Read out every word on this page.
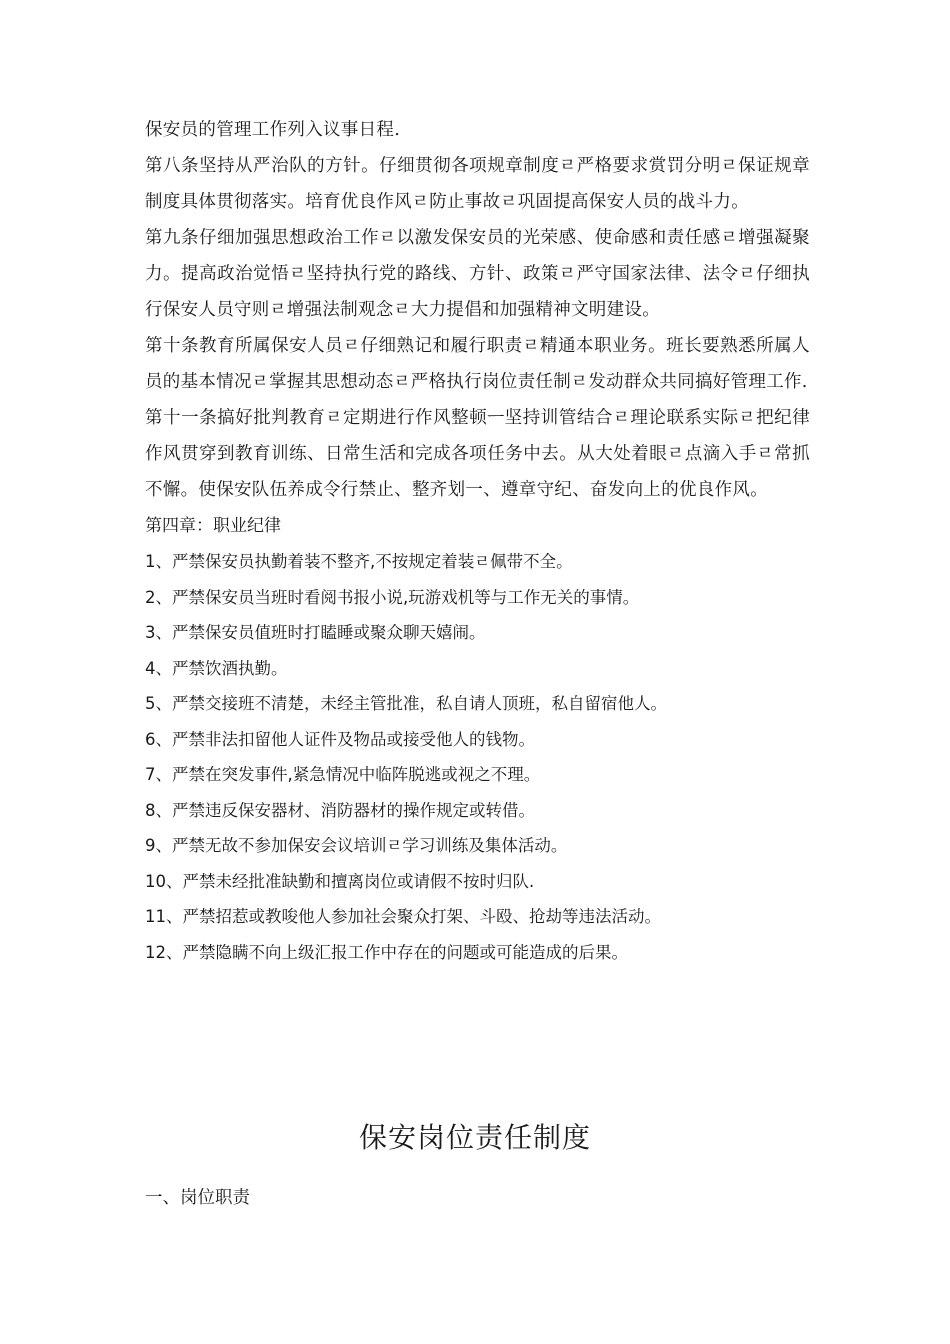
保安员的管理工作列入议事日程.

第八条坚持从严治队的方针。仔细贯彻各项规章制度ㄹ严格要求赏罚分明ㄹ保证规章制度具体贯彻落实。培育优良作风ㄹ防止事故ㄹ巩固提高保安人员的战斗力。

第九条仔细加强思想政治工作ㄹ以激发保安员的光荣感、使命感和责任感ㄹ增强凝聚力。提高政治觉悟ㄹ坚持执行党的路线、方针、政策ㄹ严守国家法律、法令ㄹ仔细执行保安人员守则ㄹ增强法制观念ㄹ大力提倡和加强精神文明建设。

第十条教育所属保安人员ㄹ仔细熟记和履行职责ㄹ精通本职业务。班长要熟悉所属人员的基本情况ㄹ掌握其思想动态ㄹ严格执行岗位责任制ㄹ发动群众共同搞好管理工作.

第十一条搞好批判教育ㄹ定期进行作风整顿ㅡ坚持训管结合ㄹ理论联系实际ㄹ把纪律作风贯穿到教育训练、日常生活和完成各项任务中去。从大处着眼ㄹ点滴入手ㄹ常抓不懈。使保安队伍养成令行禁止、整齐划一、遵章守纪、奋发向上的优良作风。

第四章：职业纪律

1、严禁保安员执勤着装不整齐,不按规定着装ㄹ佩带不全。
2、严禁保安员当班时看阅书报小说,玩游戏机等与工作无关的事情。
3、严禁保安员值班时打瞌睡或聚众聊天嬉闹。
4、严禁饮酒执勤。
5、严禁交接班不清楚，未经主管批准，私自请人顶班，私自留宿他人。
6、严禁非法扣留他人证件及物品或接受他人的钱物。
7、严禁在突发事件,紧急情况中临阵脱逃或视之不理。
8、严禁违反保安器材、消防器材的操作规定或转借。
9、严禁无故不参加保安会议培训ㄹ学习训练及集体活动。
10、严禁未经批准缺勤和擅离岗位或请假不按时归队.
11、严禁招惹或教唆他人参加社会聚众打架、斗殴、抢劫等违法活动。
12、严禁隐瞒不向上级汇报工作中存在的问题或可能造成的后果。
保安岗位责任制度

一、岗位职责
